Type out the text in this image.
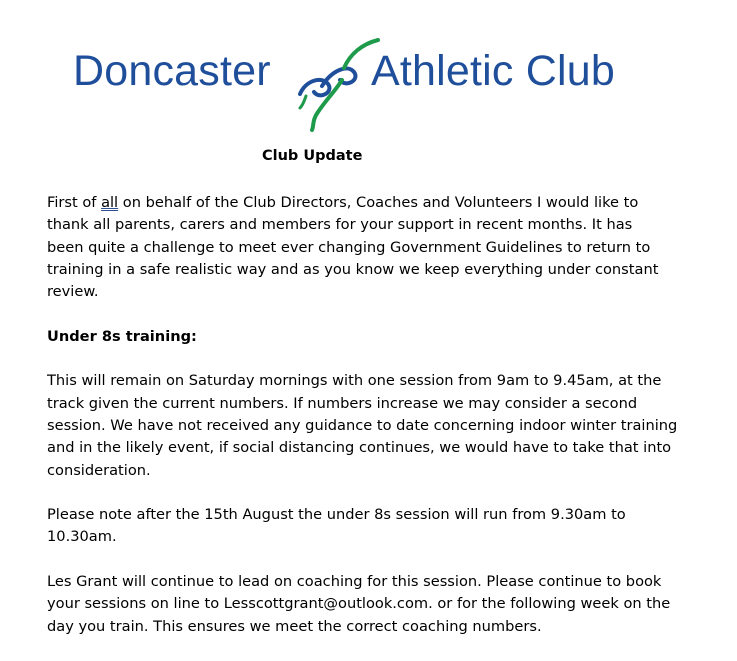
Doncaster Athletic Club
Club Update

First of all on behalf of the Club Directors, Coaches and Volunteers I would like to
thank all parents, carers and members for your support in recent months. It has
been quite a challenge to meet ever changing Government Guidelines to return to
training in a safe realistic way and as you know we keep everything under constant
review.

Under 8s training:

This will remain on Saturday mornings with one session from 9am to 9.45am, at the
track given the current numbers. If numbers increase we may consider a second
session. We have not received any guidance to date concerning indoor winter training
and in the likely event, if social distancing continues, we would have to take that into
consideration.

Please note after the 15th August the under 8s session will run from 9.30am to
10.30am.

Les Grant will continue to lead on coaching for this session. Please continue to book
your sessions on line to Lesscottgrant@outlook.com. or for the following week on the
day you train. This ensures we meet the correct coaching numbers.
